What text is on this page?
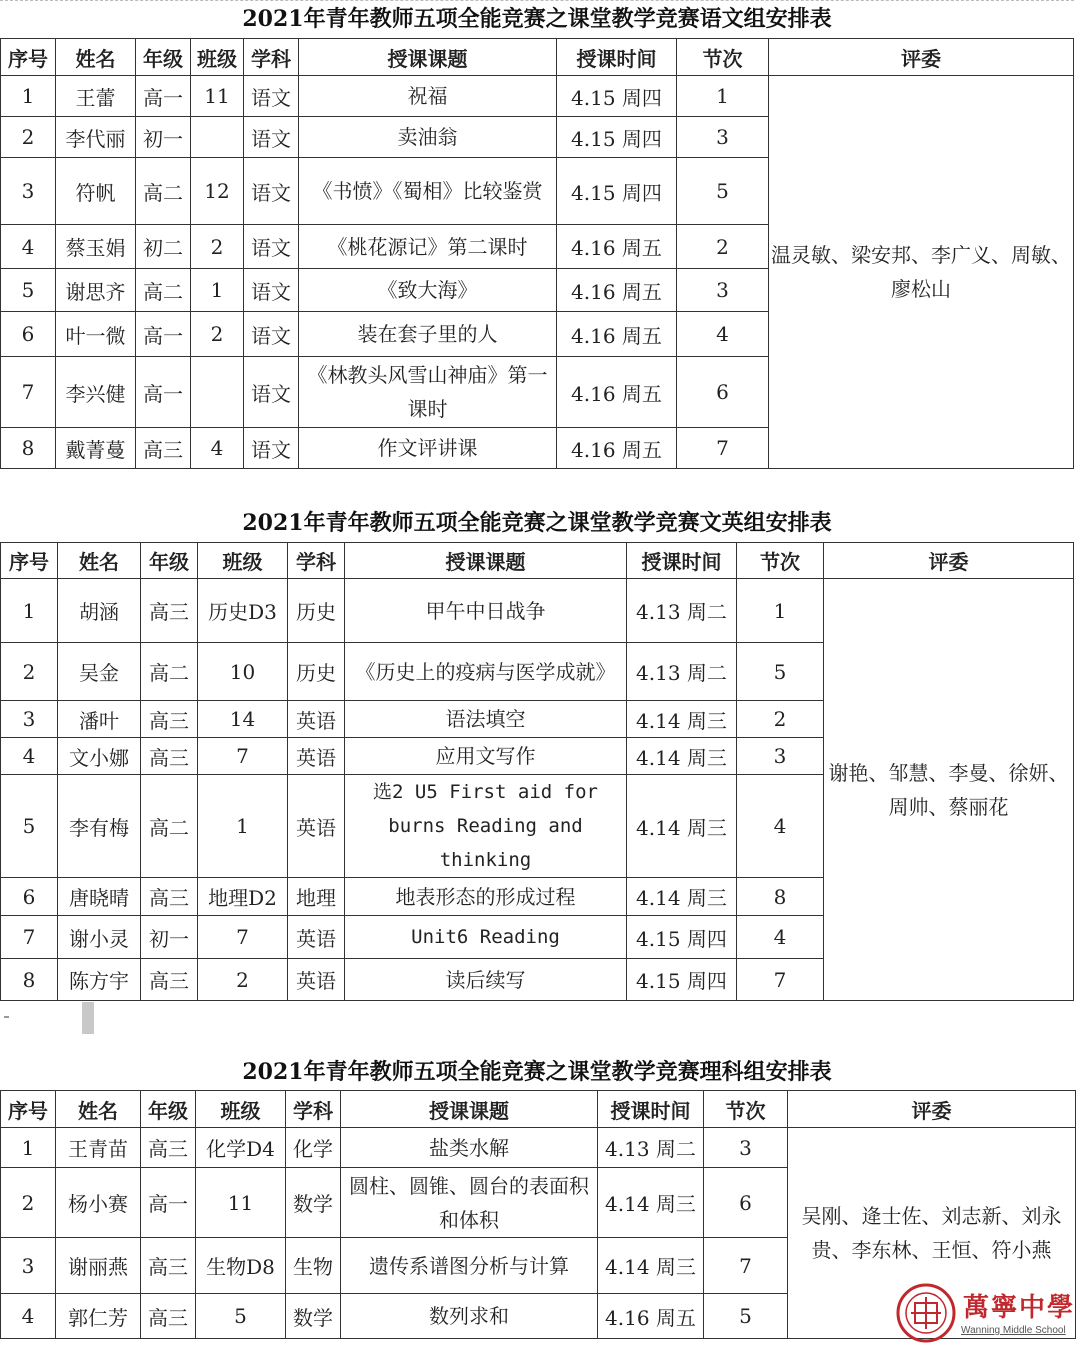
2021年青年教师五项全能竞赛之课堂教学竞赛语文组安排表
序号	姓名	年级	班级	学科	授课课题	授课时间	节次	评委
1	王蕾	高一	11	语文	祝福	4.15 周四	1	温灵敏、梁安邦、李广义、周敏、廖松山
2	李代丽	初一		语文	卖油翁	4.15 周四	3	
3	符帆	高二	12	语文	《书愤》《蜀相》比较鉴赏	4.15 周四	5	
4	蔡玉娟	初二	2	语文	《桃花源记》第二课时	4.16 周五	2	
5	谢思齐	高二	1	语文	《致大海》	4.16 周五	3	
6	叶一微	高一	2	语文	装在套子里的人	4.16 周五	4	
7	李兴健	高一		语文	《林教头风雪山神庙》第一课时	4.16 周五	6	
8	戴菁蔓	高三	4	语文	作文评讲课	4.16 周五	7	
2021年青年教师五项全能竞赛之课堂教学竞赛文英组安排表
序号	姓名	年级	班级	学科	授课课题	授课时间	节次	评委
1	胡涵	高三	历史D3	历史	甲午中日战争	4.13 周二	1	谢艳、邹慧、李曼、徐妍、周帅、蔡丽花
2	吴金	高二	10	历史	《历史上的疫病与医学成就》	4.13 周二	5	
3	潘叶	高三	14	英语	语法填空	4.14 周三	2	
4	文小娜	高三	7	英语	应用文写作	4.14 周三	3	
5	李有梅	高二	1	英语	选2 U5 First aid for burns Reading and thinking	4.14 周三	4	
6	唐晓晴	高三	地理D2	地理	地表形态的形成过程	4.14 周三	8	
7	谢小灵	初一	7	英语	Unit6 Reading	4.15 周四	4	
8	陈方宇	高三	2	英语	读后续写	4.15 周四	7	
2021年青年教师五项全能竞赛之课堂教学竞赛理科组安排表
序号	姓名	年级	班级	学科	授课课题	授课时间	节次	评委
1	王青苗	高三	化学D4	化学	盐类水解	4.13 周二	3	吴刚、逄士佐、刘志新、刘永贵、李东林、王恒、符小燕
2	杨小赛	高一	11	数学	圆柱、圆锥、圆台的表面积和体积	4.14 周三	6	
3	谢丽燕	高三	生物D8	生物	遗传系谱图分析与计算	4.14 周三	7	
4	郭仁芳	高三	5	数学	数列求和	4.16 周五	5		萬寧中學
Wanning Middle School
